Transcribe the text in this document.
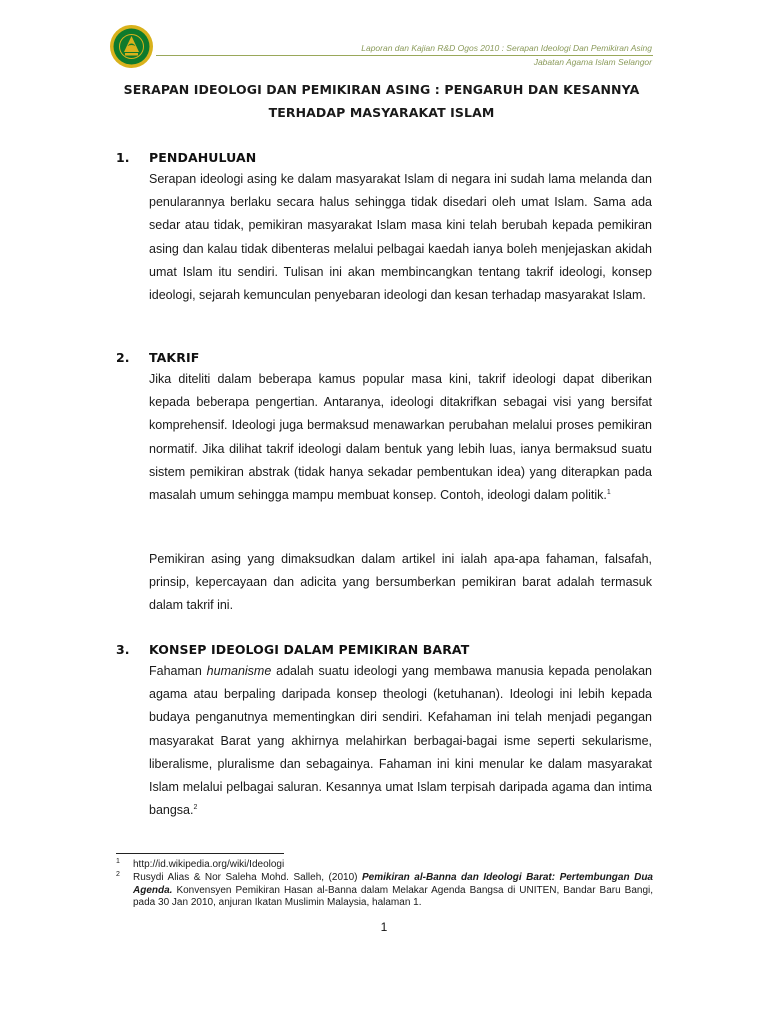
Laporan dan Kajian R&D Ogos 2010 : Serapan Ideologi Dan Pemikiran Asing
Jabatan Agama Islam Selangor
SERAPAN IDEOLOGI DAN PEMIKIRAN ASING : PENGARUH DAN KESANNYA
TERHADAP MASYARAKAT ISLAM
1. PENDAHULUAN

Serapan ideologi asing ke dalam masyarakat Islam di negara ini sudah lama melanda dan penularannya berlaku secara halus sehingga tidak disedari oleh umat Islam. Sama ada sedar atau tidak, pemikiran masyarakat Islam masa kini telah berubah kepada pemikiran asing dan kalau tidak dibenteras melalui pelbagai kaedah ianya boleh menjejaskan akidah umat Islam itu sendiri. Tulisan ini akan membincangkan tentang takrif ideologi, konsep ideologi, sejarah kemunculan penyebaran ideologi dan kesan terhadap masyarakat Islam.

2. TAKRIF

Jika diteliti dalam beberapa kamus popular masa kini, takrif ideologi dapat diberikan kepada beberapa pengertian. Antaranya, ideologi ditakrifkan sebagai visi yang bersifat komprehensif. Ideologi juga bermaksud menawarkan perubahan melalui proses pemikiran normatif. Jika dilihat takrif ideologi dalam bentuk yang lebih luas, ianya bermaksud suatu sistem pemikiran abstrak (tidak hanya sekadar pembentukan idea) yang diterapkan pada masalah umum sehingga mampu membuat konsep. Contoh, ideologi dalam politik.$^1$

Pemikiran asing yang dimaksudkan dalam artikel ini ialah apa-apa fahaman, falsafah, prinsip, kepercayaan dan adicita yang bersumberkan pemikiran barat adalah termasuk dalam takrif ini.

3. KONSEP IDEOLOGI DALAM PEMIKIRAN BARAT

Fahaman humanisme adalah suatu ideologi yang membawa manusia kepada penolakan agama atau berpaling daripada konsep theologi (ketuhanan). Ideologi ini lebih kepada budaya penganutnya mementingkan diri sendiri. Kefahaman ini telah menjadi pegangan masyarakat Barat yang akhirnya melahirkan berbagai-bagai isme seperti sekularisme, liberalisme, pluralisme dan sebagainya. Fahaman ini kini menular ke dalam masyarakat Islam melalui pelbagai saluran. Kesannya umat Islam terpisah daripada agama dan intima bangsa.$^2$

1 http://id.wikipedia.org/wiki/Ideologi
2 Rusydi Alias & Nor Saleha Mohd. Salleh, (2010) Pemikiran al-Banna dan Ideologi Barat: Pertembungan Dua Agenda. Konvensyen Pemikiran Hasan al-Banna dalam Melakar Agenda Bangsa di UNITEN, Bandar Baru Bangi, pada 30 Jan 2010, anjuran Ikatan Muslimin Malaysia, halaman 1.
1
